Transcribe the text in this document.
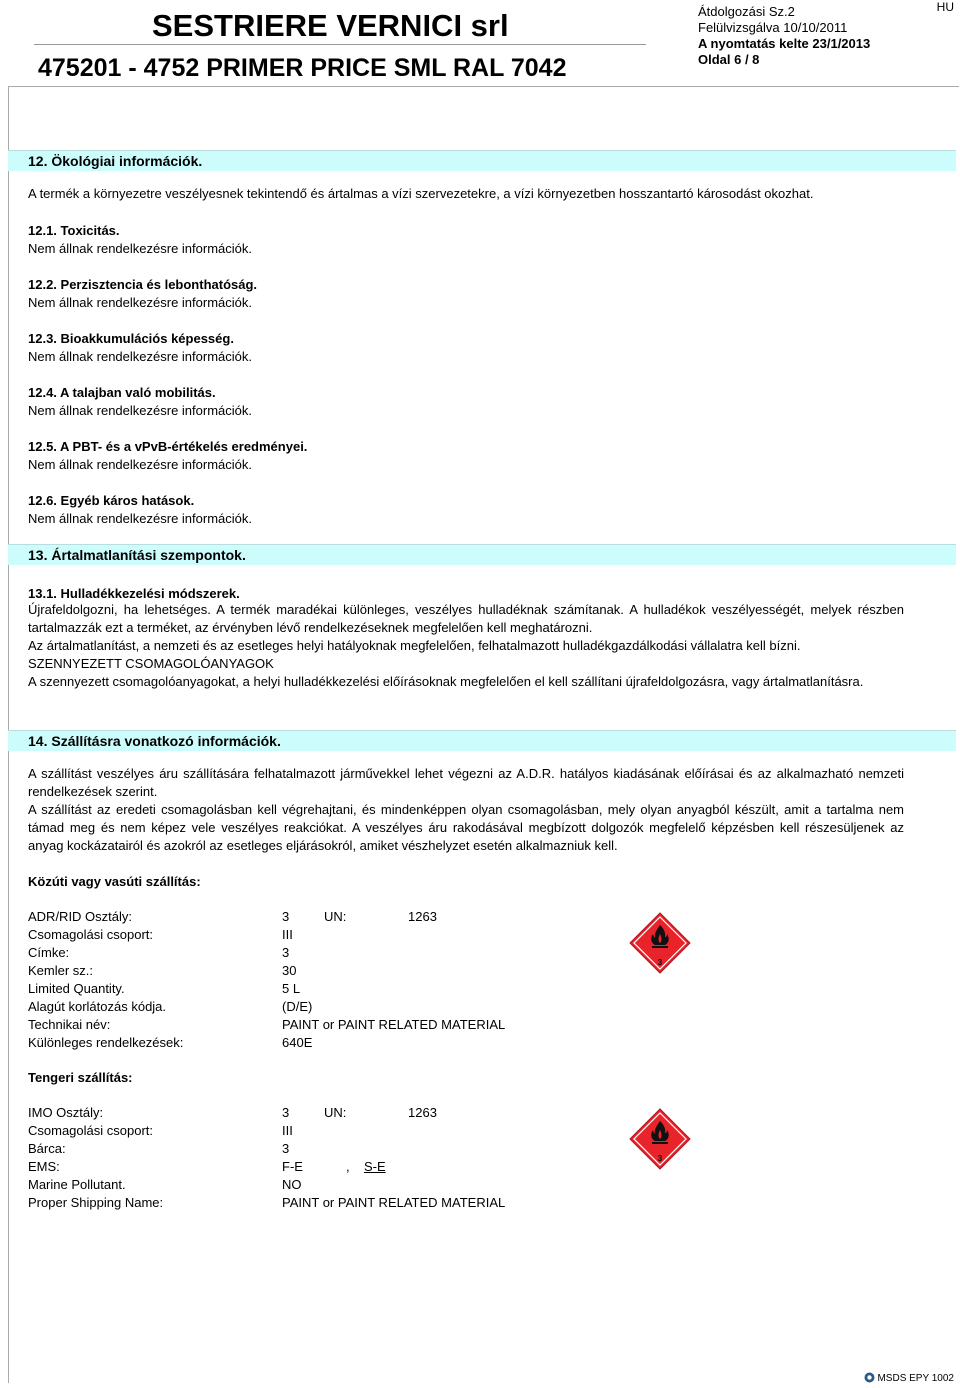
SESTRIERE VERNICI srl
475201 - 4752 PRIMER PRICE SML RAL 7042
Átdolgozási Sz.2
Felülvizsgálva 10/10/2011
A nyomtatás kelte 23/1/2013
Oldal 6 / 8
HU
12. Ökológiai információk.
A termék a környezetre veszélyesnek tekintendő és ártalmas a vízi szervezetekre, a vízi környezetben hosszantartó károsodást okozhat.
12.1. Toxicitás.
Nem állnak rendelkezésre információk.
12.2. Perzisztencia és lebonthatóság.
Nem állnak rendelkezésre információk.
12.3. Bioakkumulációs képesség.
Nem állnak rendelkezésre információk.
12.4. A talajban való mobilitás.
Nem állnak rendelkezésre információk.
12.5. A PBT- és a vPvB-értékelés eredményei.
Nem állnak rendelkezésre információk.
12.6. Egyéb káros hatások.
Nem állnak rendelkezésre információk.
13. Ártalmatlanítási szempontok.
13.1. Hulladékkezelési módszerek.
Újrafeldolgozni, ha lehetséges. A termék maradékai különleges, veszélyes hulladéknak számítanak. A hulladékok veszélyességét, melyek részben tartalmazzák ezt a terméket, az érvényben lévő rendelkezéseknek megfelelően kell meghatározni.
Az ártalmatlanítást, a nemzeti és az esetleges helyi hatályoknak megfelelően, felhatalmazott hulladékgazdálkodási vállalatra kell bízni.
SZENNYEZETT CSOMAGOLÓANYAGOK
A szennyezett csomagolóanyagokat, a helyi hulladékkezelési előírásoknak megfelelően el kell szállítani újrafeldolgozásra, vagy ártalmatlanításra.
14. Szállításra vonatkozó információk.
A szállítást veszélyes áru szállítására felhatalmazott járművekkel lehet végezni az A.D.R. hatályos kiadásának előírásai és az alkalmazható nemzeti rendelkezések szerint.
A szállítást az eredeti csomagolásban kell végrehajtani, és mindenképpen olyan csomagolásban, mely olyan anyagból készült, amit a tartalma nem támad meg és nem képez vele veszélyes reakciókat. A veszélyes áru rakodásával megbízott dolgozók megfelelő képzésben kell részesüljenek az anyag kockázatairól és azokról az esetleges eljárásokról, amiket vészhelyzet esetén alkalmazniuk kell.
Közúti vagy vasúti szállítás:
ADR/RID Osztály:	3	UN:	1263
Csomagolási csoport:	III
Címke:	3
Kemler sz.:	30
Limited Quantity.	5 L
Alagút korlátozás kódja.	(D/E)
Technikai név:	PAINT or PAINT RELATED MATERIAL
Különleges rendelkezések:	640E
3
Tengeri szállítás:
IMO Osztály:	3	UN:	1263
Csomagolási csoport:	III
Bárca:	3
EMS:	F-E	, S-E
Marine Pollutant.	NO
Proper Shipping Name:	PAINT or PAINT RELATED MATERIAL
3
MSDS EPY 1002
